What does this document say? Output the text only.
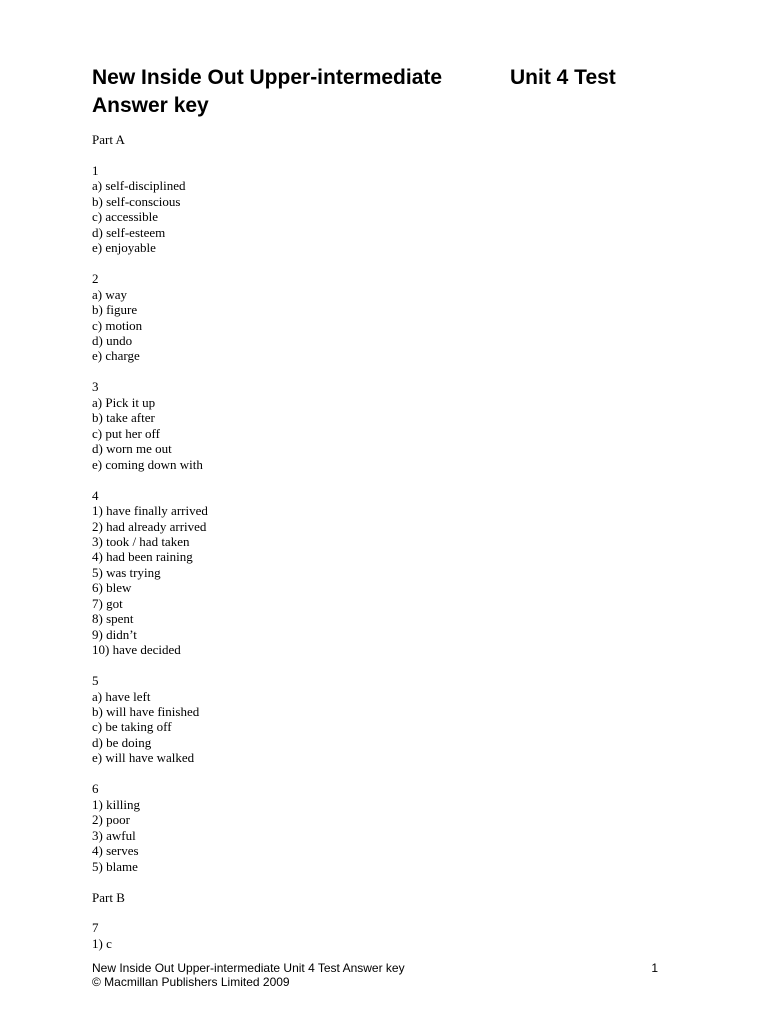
New Inside Out Upper-intermediate	Unit 4 Test
Answer key
Part A
1
a) self-disciplined
b) self-conscious
c) accessible
d) self-esteem
e) enjoyable
2
a) way
b) figure
c) motion
d) undo
e) charge
3
a) Pick it up
b) take after
c) put her off
d) worn me out
e) coming down with
4
1) have finally arrived
2) had already arrived
3) took / had taken
4) had been raining
5) was trying
6) blew
7) got
8) spent
9) didn’t
10) have decided
5
a) have left
b) will have finished
c) be taking off
d) be doing
e) will have walked
6
1) killing
2) poor
3) awful
4) serves
5) blame
Part B
7
1) c
New Inside Out Upper-intermediate Unit 4 Test Answer key
© Macmillan Publishers Limited 2009
1
